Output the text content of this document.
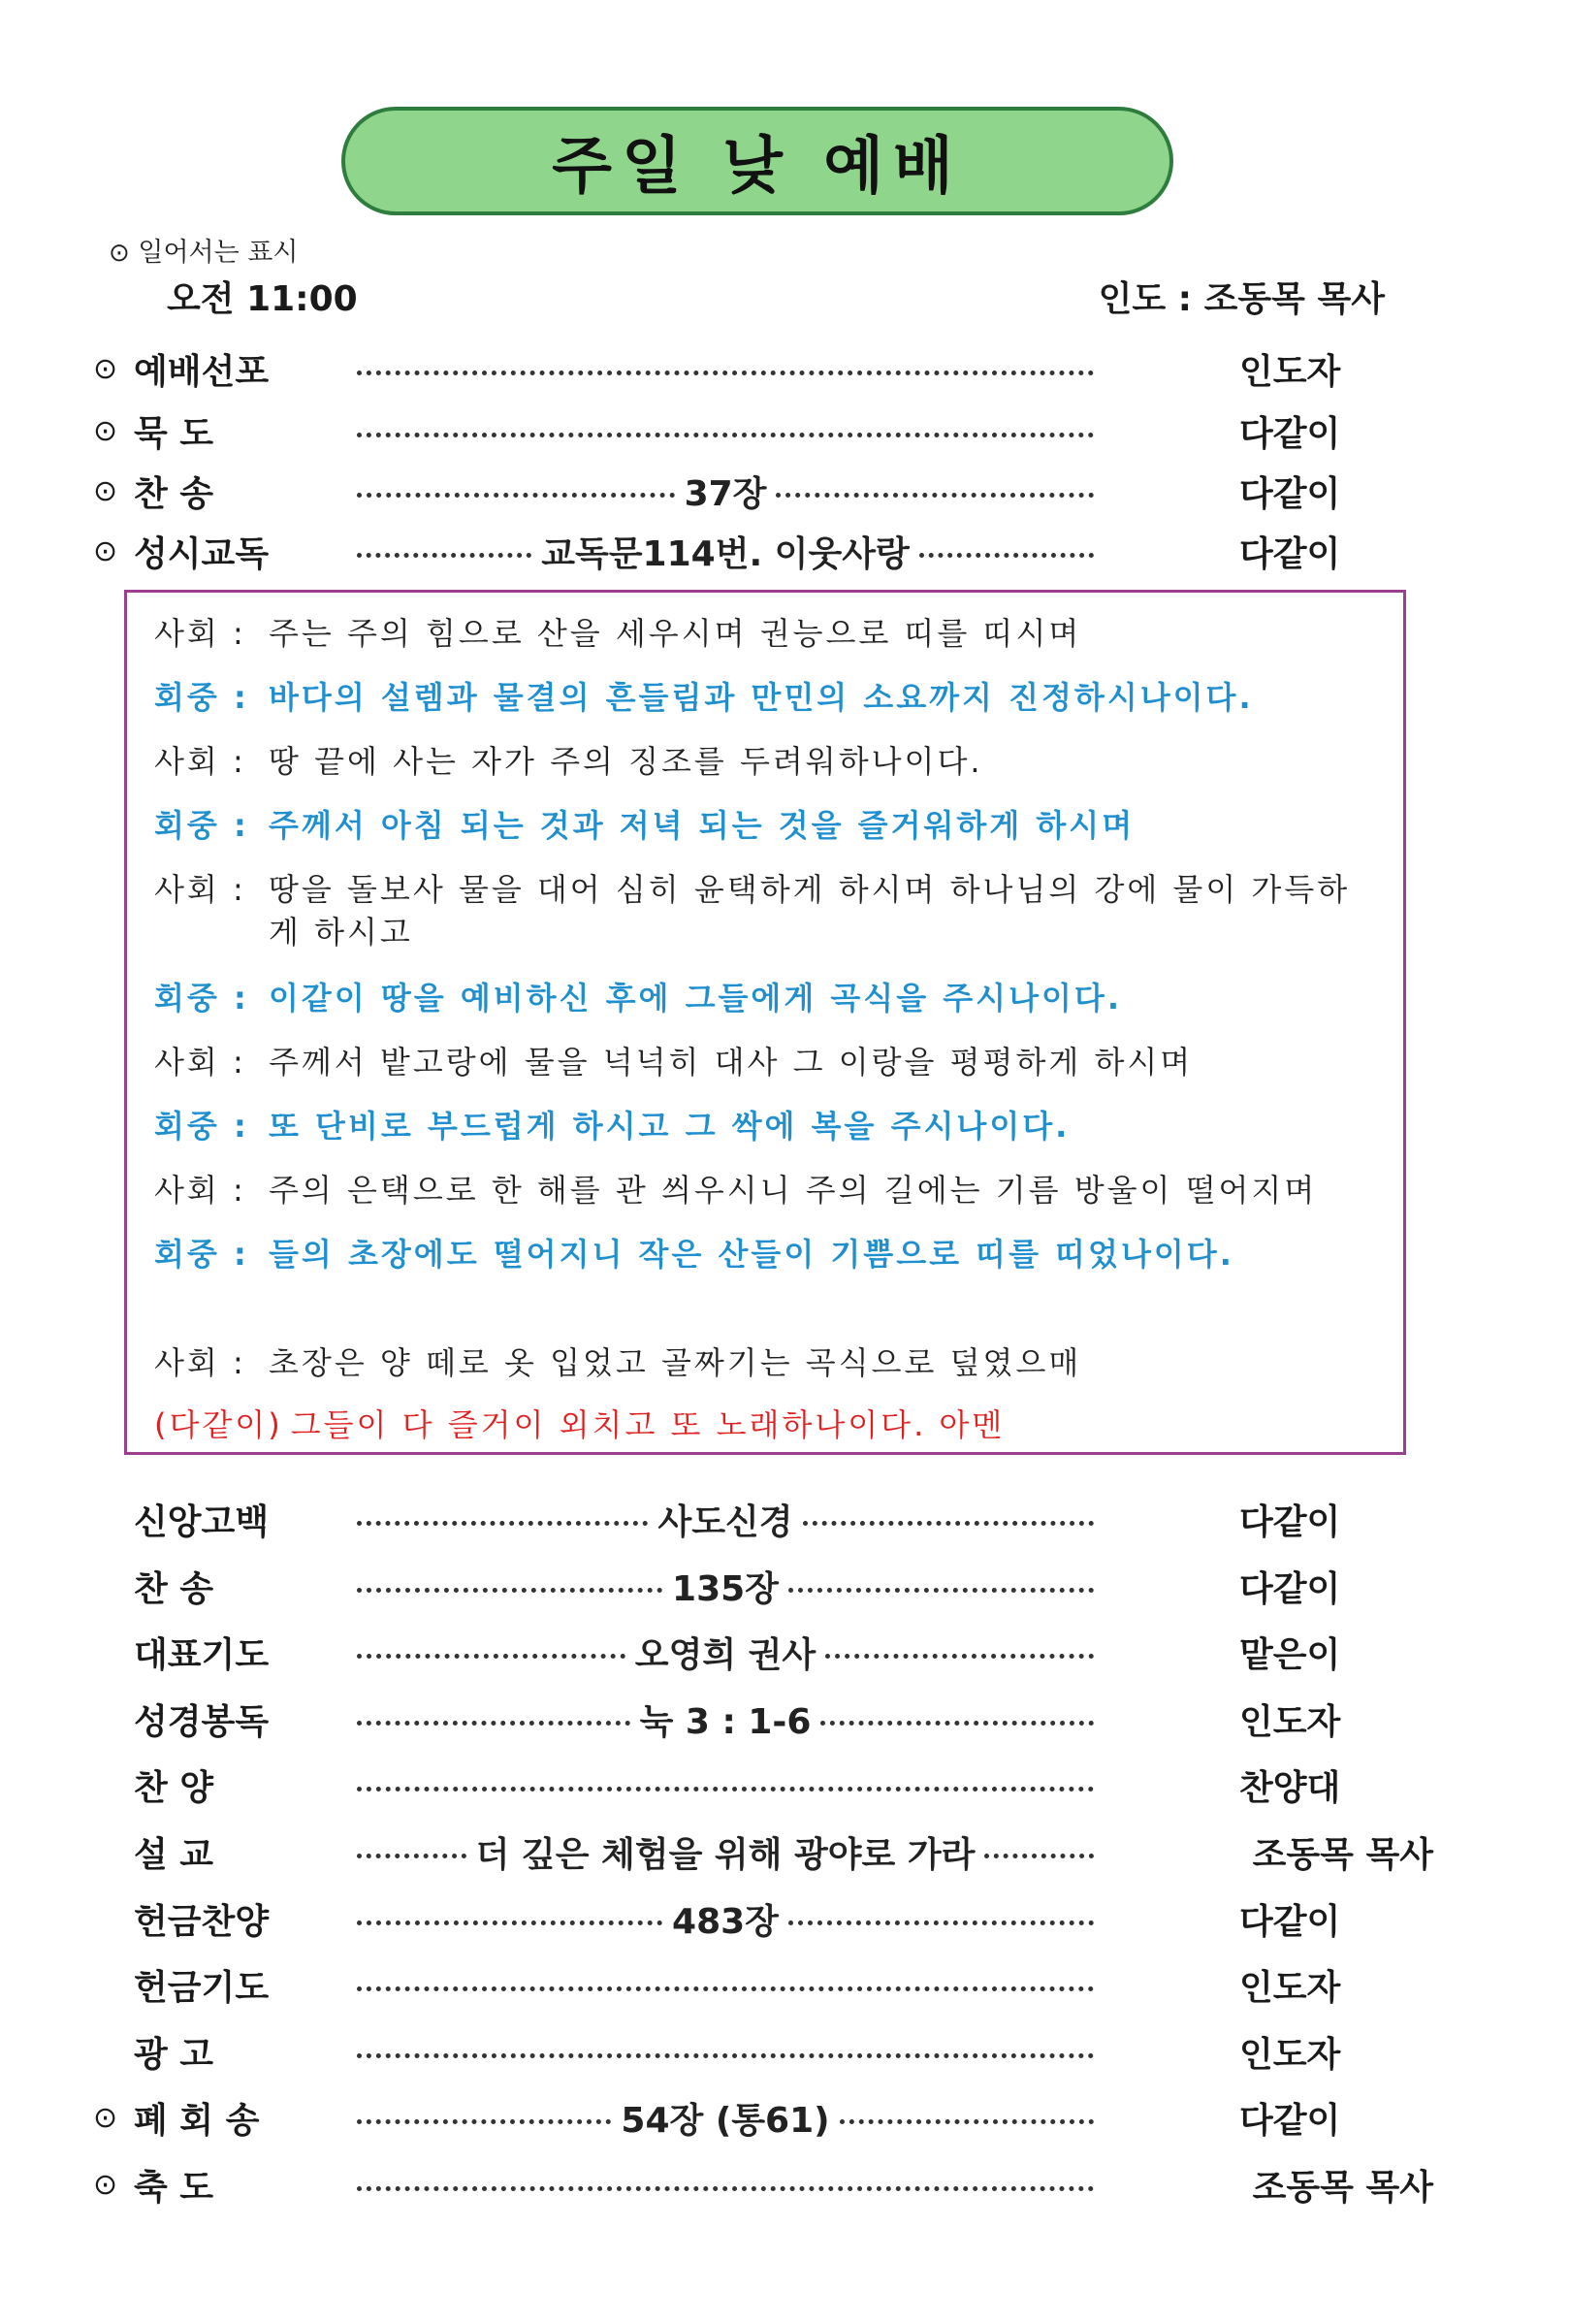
주일 낮 예배
⊙ 일어서는 표시
오전 11:00	인도 : 조동목 목사
⊙ 예배선포	인도자
⊙ 묵 도	다같이
⊙ 찬 송	37장	다같이
⊙ 성시교독	교독문114번. 이웃사랑	다같이
사회 : 주는 주의 힘으로 산을 세우시며 권능으로 띠를 띠시며
회중 : 바다의 설렘과 물결의 흔들림과 만민의 소요까지 진정하시나이다.
사회 : 땅 끝에 사는 자가 주의 징조를 두려워하나이다.
회중 : 주께서 아침 되는 것과 저녁 되는 것을 즐거워하게 하시며
사회 : 땅을 돌보사 물을 대어 심히 윤택하게 하시며 하나님의 강에 물이 가득하게 하시고
회중 : 이같이 땅을 예비하신 후에 그들에게 곡식을 주시나이다.
사회 : 주께서 밭고랑에 물을 넉넉히 대사 그 이랑을 평평하게 하시며
회중 : 또 단비로 부드럽게 하시고 그 싹에 복을 주시나이다.
사회 : 주의 은택으로 한 해를 관 씌우시니 주의 길에는 기름 방울이 떨어지며
회중 : 들의 초장에도 떨어지니 작은 산들이 기쁨으로 띠를 띠었나이다.
사회 : 초장은 양 떼로 옷 입었고 골짜기는 곡식으로 덮였으매
(다같이) 그들이 다 즐거이 외치고 또 노래하나이다. 아멘
신앙고백	사도신경	다같이
찬 송	135장	다같이
대표기도	오영희 권사	맡은이
성경봉독	눅 3 : 1-6	인도자
찬 양	찬양대
설 교	더 깊은 체험을 위해 광야로 가라	조동목 목사
헌금찬양	483장	다같이
헌금기도	인도자
광 고	인도자
⊙ 폐 회 송	54장 (통61)	다같이
⊙ 축 도	조동목 목사
